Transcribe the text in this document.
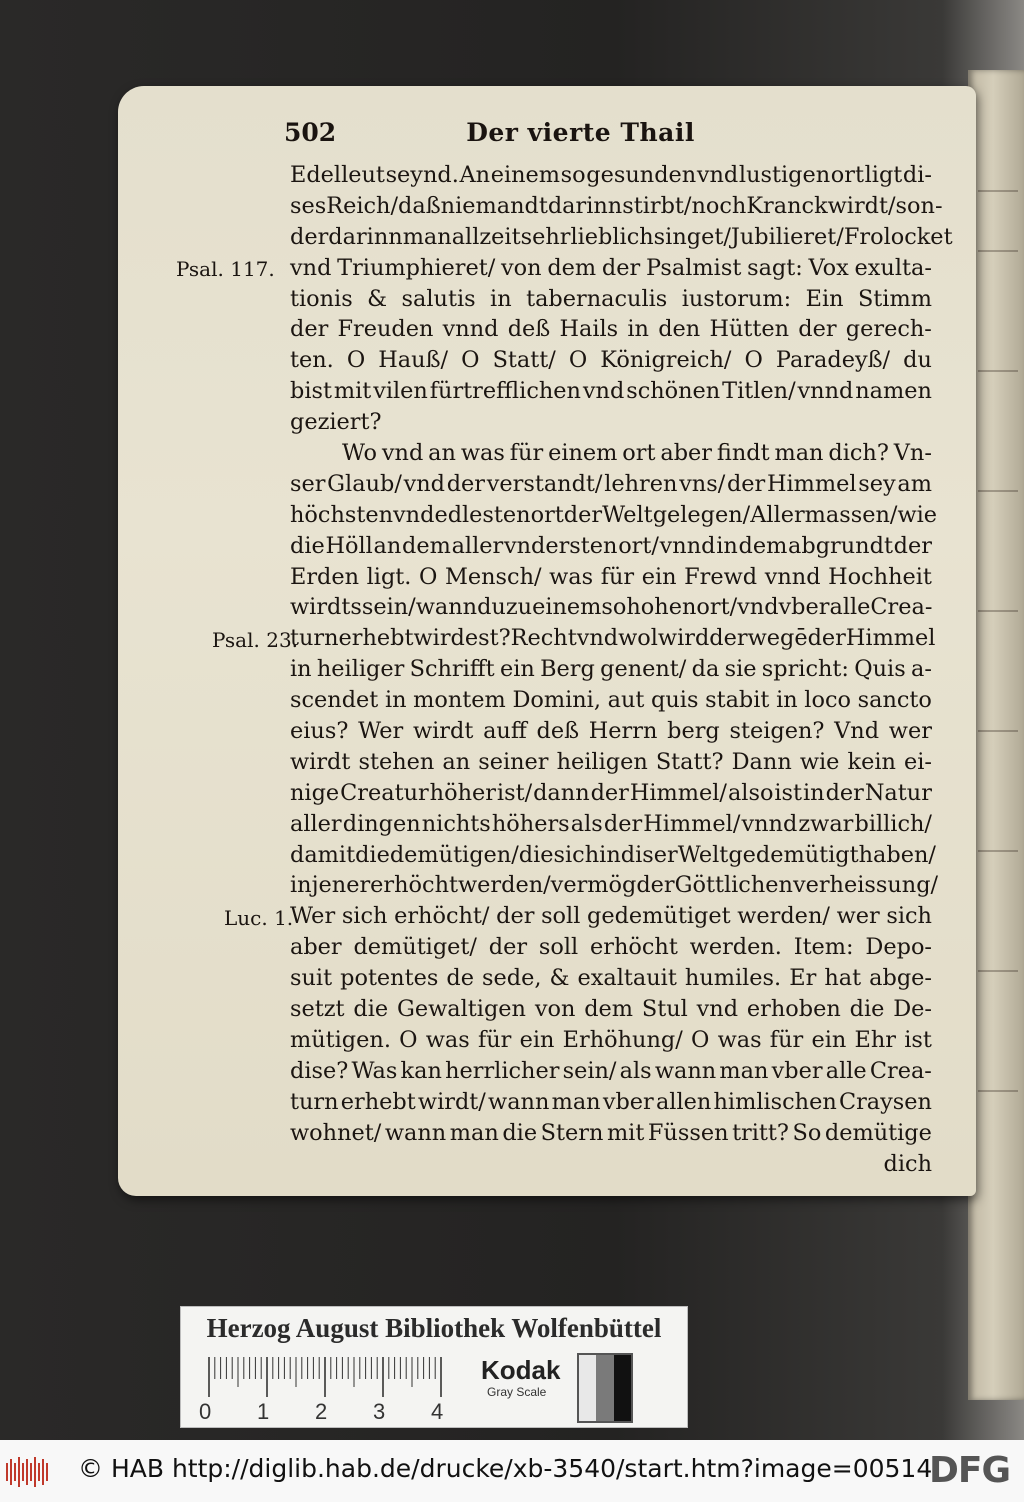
502	Der vierte Thail
Psal. 117.
Psal. 23.
Luc. 1.
Edelleut seynd. An einem so gesunden vnd lustigen ort ligt di-
ses Reich/ daß niemandt darinn stirbt/ noch Kranck wirdt/ son-
der darinn man allzeit sehr lieblich singet/ Jubilieret/ Frolocket
vnd Triumphieret/ von dem der Psalmist sagt: Vox exulta-
tionis & salutis in tabernaculis iustorum: Ein Stimm
der Freuden vnnd deß Hails in den Hütten der gerech-
ten. O Hauß/ O Statt/ O Königreich/ O Paradeyß/ du
bist mit vilen fürtrefflichen vnd schönen Titlen/ vnnd namen
geziert?
Wo vnd an was für einem ort aber findt man dich? Vn-
ser Glaub/ vnd der verstandt/ lehren vns/ der Himmel sey am
höchsten vnd edlesten ort der Welt gelegen/ Allermassen/ wie
die Höll an dem aller vndersten ort/ vnnd in dem abgrundt der
Erden ligt. O Mensch/ was für ein Frewd vnnd Hochheit
wirdts sein/ wann du zu einem so hohen ort/ vnd vber alle Crea-
turn erhebt wirdest? Recht vnd wol wird derwegē der Himmel
in heiliger Schrifft ein Berg genent/ da sie spricht: Quis a-
scendet in montem Domini, aut quis stabit in loco sancto
eius? Wer wirdt auff deß Herrn berg steigen? Vnd wer
wirdt stehen an seiner heiligen Statt? Dann wie kein ei-
nige Creatur höher ist/ dann der Himmel/ also ist in der Natur
aller dingen nichts höhers als der Himmel/ vnnd zwar billich/
damit die demütigen/ die sich in diser Welt gedemütigt haben/
in jener erhöcht werden/ vermög der Göttlichen verheissung/
Wer sich erhöcht/ der soll gedemütiget werden/ wer sich
aber demütiget/ der soll erhöcht werden. Item: Depo-
suit potentes de sede, & exaltauit humiles. Er hat abge-
setzt die Gewaltigen von dem Stul vnd erhoben die De-
mütigen. O was für ein Erhöhung/ O was für ein Ehr ist
dise? Was kan herrlicher sein/ als wann man vber alle Crea-
turn erhebt wirdt/ wann man vber allen himlischen Craysen
wohnet/ wann man die Stern mit Füssen tritt? So demütige
dich
Herzog August Bibliothek Wolfenbüttel
0 1 2 3 4
Kodak
Gray Scale
© HAB http://diglib.hab.de/drucke/xb-3540/start.htm?image=00514
DFG
